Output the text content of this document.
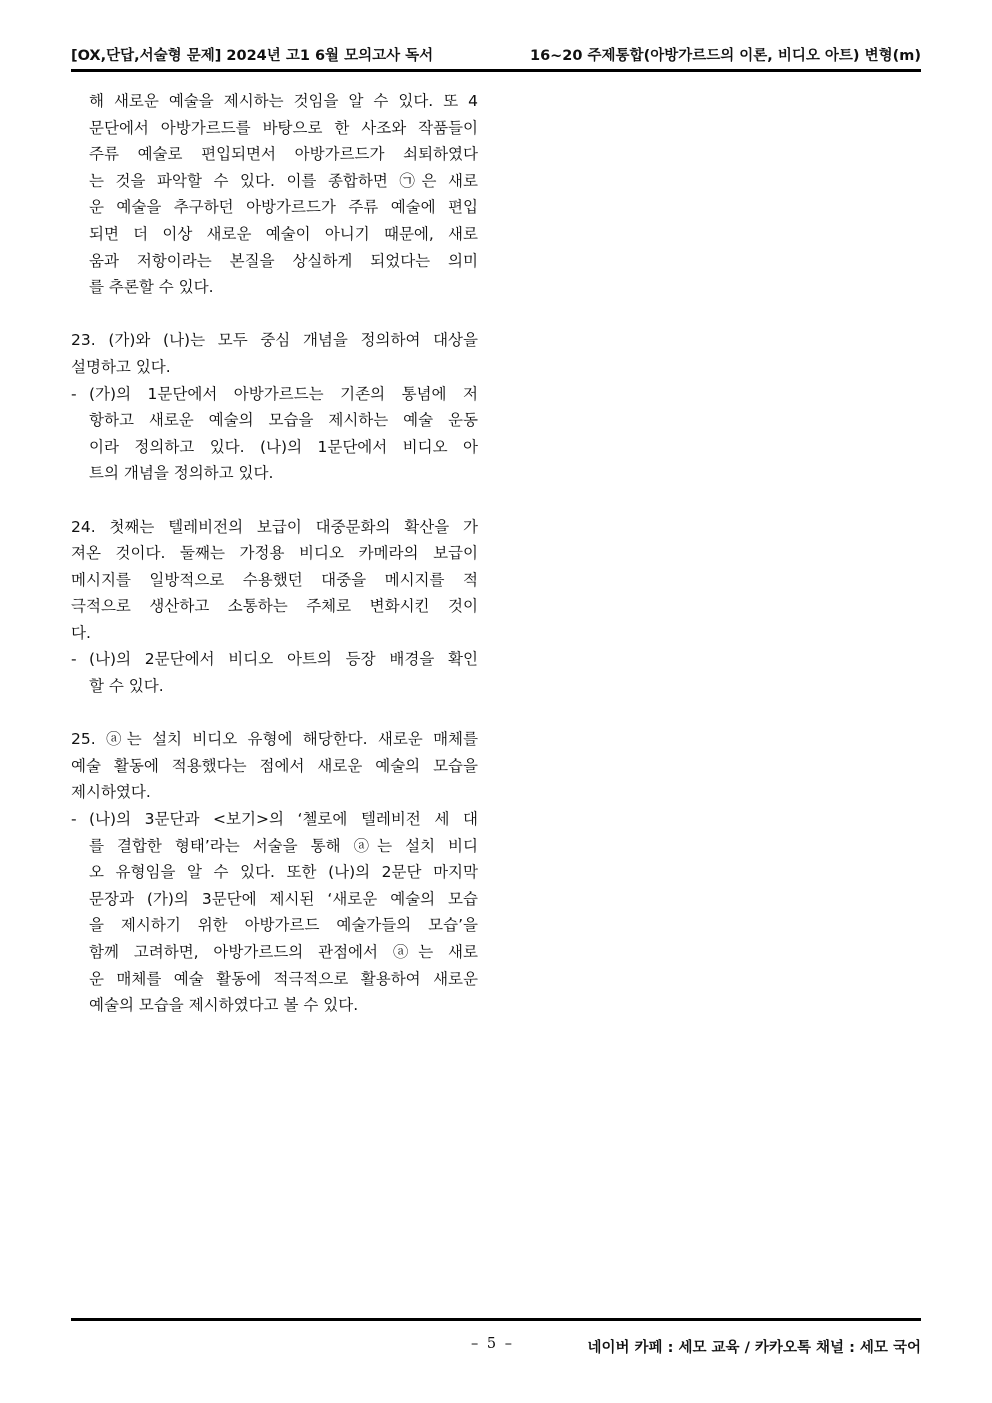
[OX,단답,서술형 문제] 2024년 고1 6월 모의고사 독서	16~20 주제통합(아방가르드의 이론, 비디오 아트) 변형(m)
해 새로운 예술을 제시하는 것임을 알 수 있다. 또 4
문단에서 아방가르드를 바탕으로 한 사조와 작품들이
주류 예술로 편입되면서 아방가르드가 쇠퇴하였다
는 것을 파악할 수 있다. 이를 종합하면 ㉠은 새로
운 예술을 추구하던 아방가르드가 주류 예술에 편입
되면 더 이상 새로운 예술이 아니기 때문에, 새로
움과 저항이라는 본질을 상실하게 되었다는 의미
를 추론할 수 있다.
23. (가)와 (나)는 모두 중심 개념을 정의하여 대상을
설명하고 있다.
- (가)의 1문단에서 아방가르드는 기존의 통념에 저
항하고 새로운 예술의 모습을 제시하는 예술 운동
이라 정의하고 있다. (나)의 1문단에서 비디오 아
트의 개념을 정의하고 있다.
24. 첫째는 텔레비전의 보급이 대중문화의 확산을 가
져온 것이다. 둘째는 가정용 비디오 카메라의 보급이
메시지를 일방적으로 수용했던 대중을 메시지를 적
극적으로 생산하고 소통하는 주체로 변화시킨 것이
다.
- (나)의 2문단에서 비디오 아트의 등장 배경을 확인
할 수 있다.
25. ⓐ는 설치 비디오 유형에 해당한다. 새로운 매체를
예술 활동에 적용했다는 점에서 새로운 예술의 모습을
제시하였다.
- (나)의 3문단과 <보기>의 ‘첼로에 텔레비전 세 대
를 결합한 형태’라는 서술을 통해 ⓐ는 설치 비디
오 유형임을 알 수 있다. 또한 (나)의 2문단 마지막
문장과 (가)의 3문단에 제시된 ‘새로운 예술의 모습
을 제시하기 위한 아방가르드 예술가들의 모습’을
함께 고려하면, 아방가르드의 관점에서 ⓐ는 새로
운 매체를 예술 활동에 적극적으로 활용하여 새로운
예술의 모습을 제시하였다고 볼 수 있다.
– 5 –	네이버 카페 : 세모 교육 / 카카오톡 채널 : 세모 국어
